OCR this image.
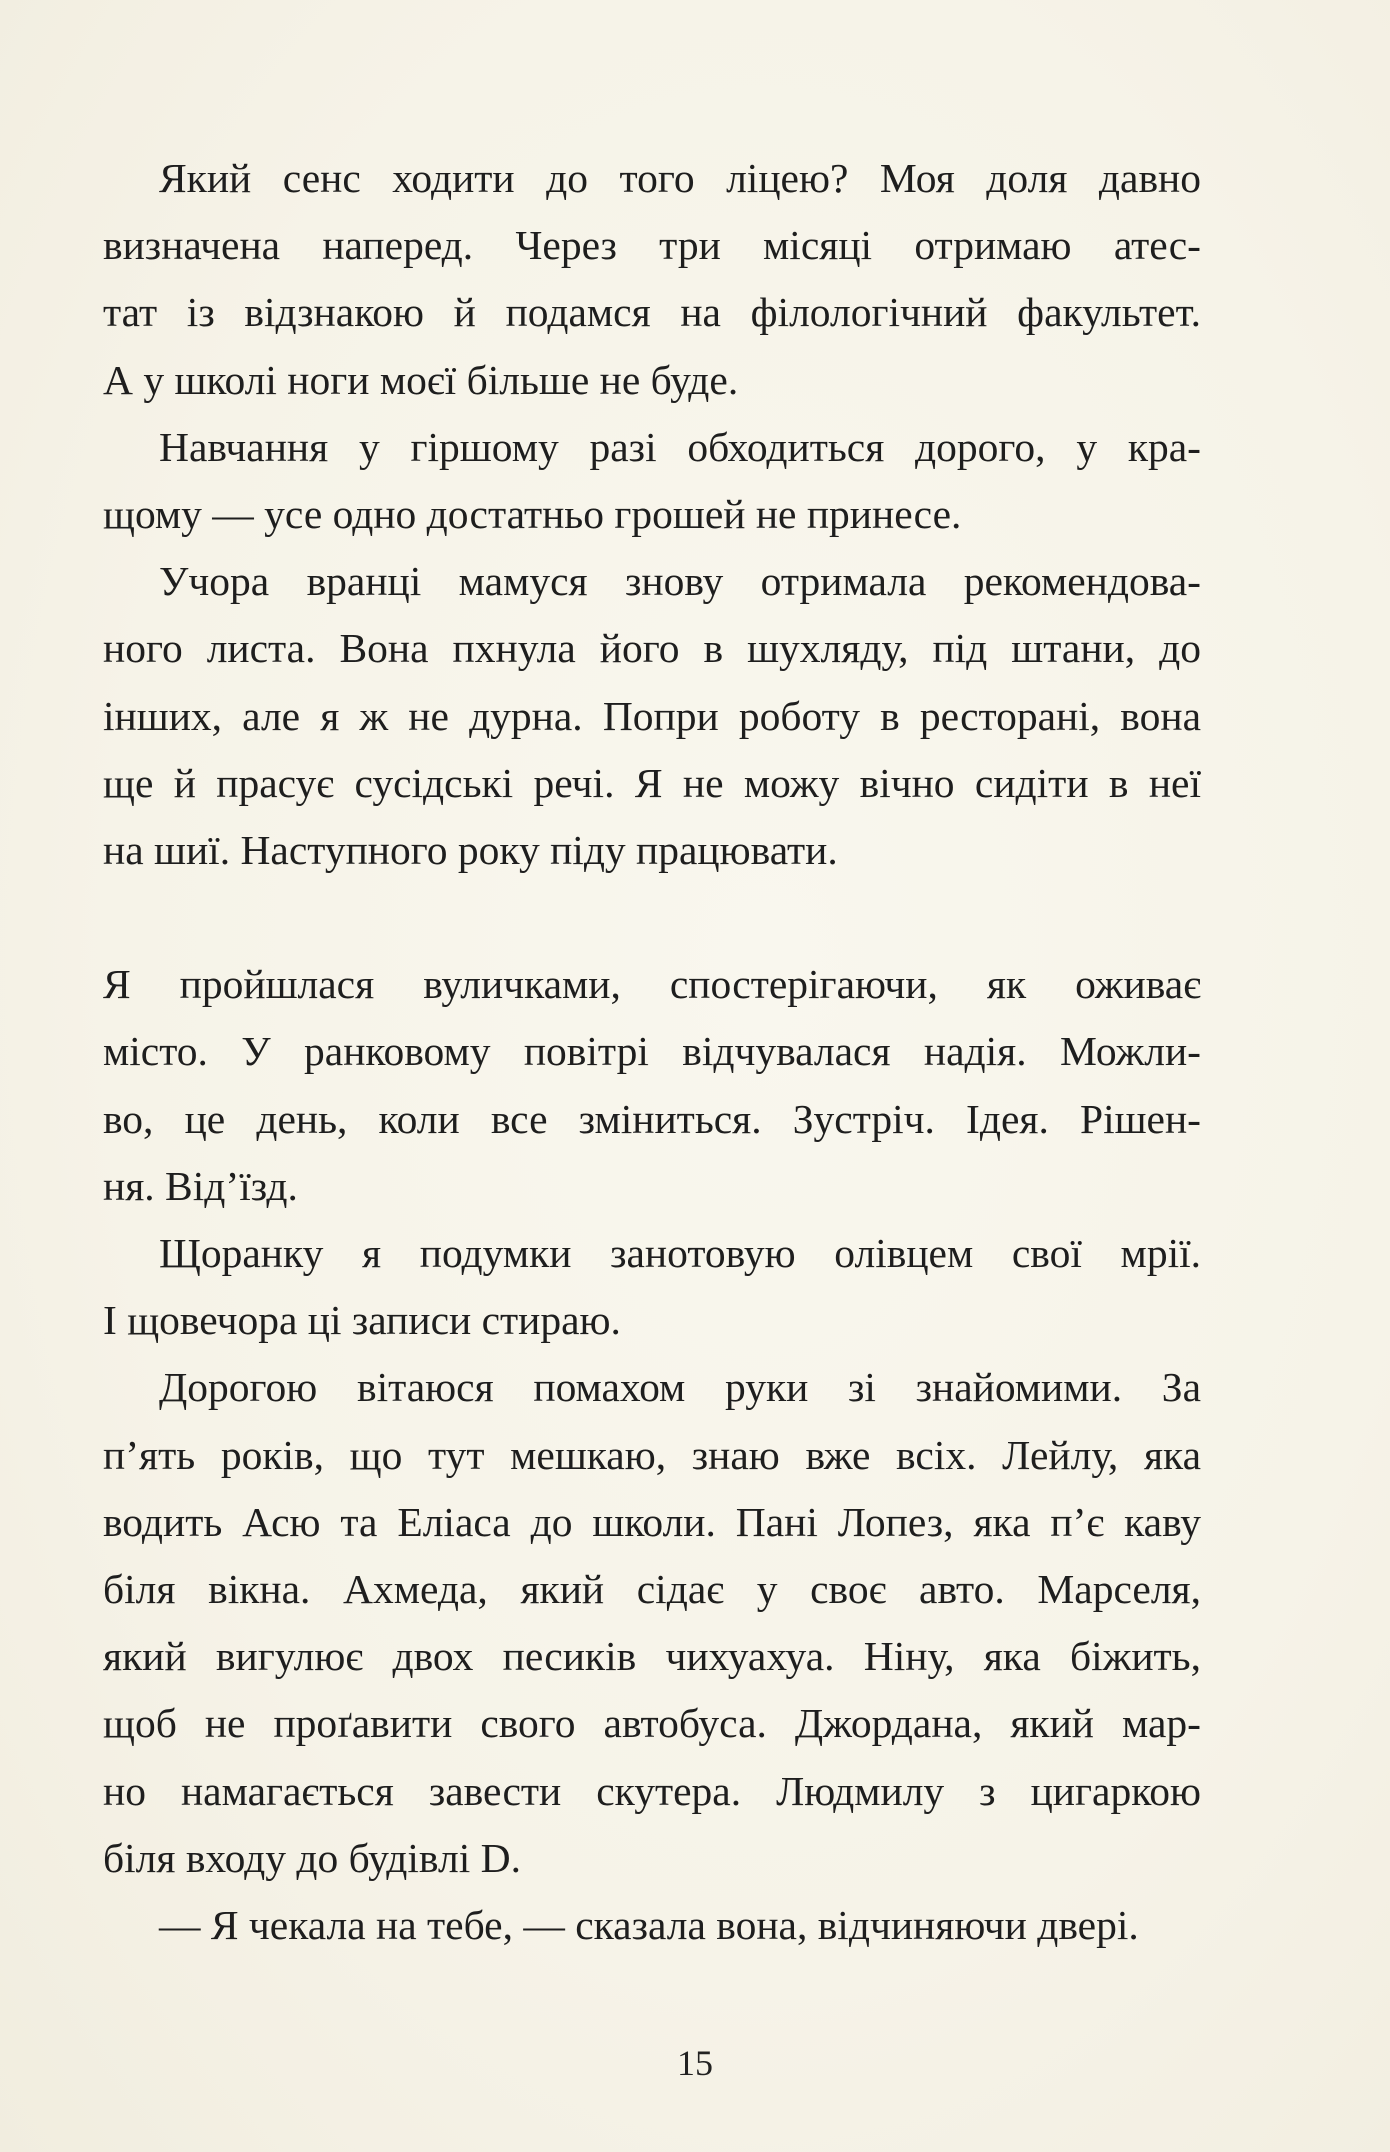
Який сенс ходити до того ліцею? Моя доля давно
визначена наперед. Через три місяці отримаю атес-
тат із відзнакою й подамся на філологічний факультет.
А у школі ноги моєї більше не буде.
Навчання у гіршому разі обходиться дорого, у кра-
щому — усе одно достатньо грошей не принесе.
Учора вранці мамуся знову отримала рекомендова-
ного листа. Вона пхнула його в шухляду, під штани, до
інших, але я ж не дурна. Попри роботу в ресторані, вона
ще й прасує сусідські речі. Я не можу вічно сидіти в неї
на шиї. Наступного року піду працювати.
Я пройшлася вуличками, спостерігаючи, як оживає
місто. У ранковому повітрі відчувалася надія. Можли-
во, це день, коли все зміниться. Зустріч. Ідея. Рішен-
ня. Від’їзд.
Щоранку я подумки занотовую олівцем свої мрії.
І щовечора ці записи стираю.
Дорогою вітаюся помахом руки зі знайомими. За
п’ять років, що тут мешкаю, знаю вже всіх. Лейлу, яка
водить Асю та Еліаса до школи. Пані Лопез, яка п’є каву
біля вікна. Ахмеда, який сідає у своє авто. Марселя,
який вигулює двох песиків чихуахуа. Ніну, яка біжить,
щоб не проґавити свого автобуса. Джордана, який мар-
но намагається завести скутера. Людмилу з цигаркою
біля входу до будівлі D.
— Я чекала на тебе, — сказала вона, відчиняючи двері.
15
